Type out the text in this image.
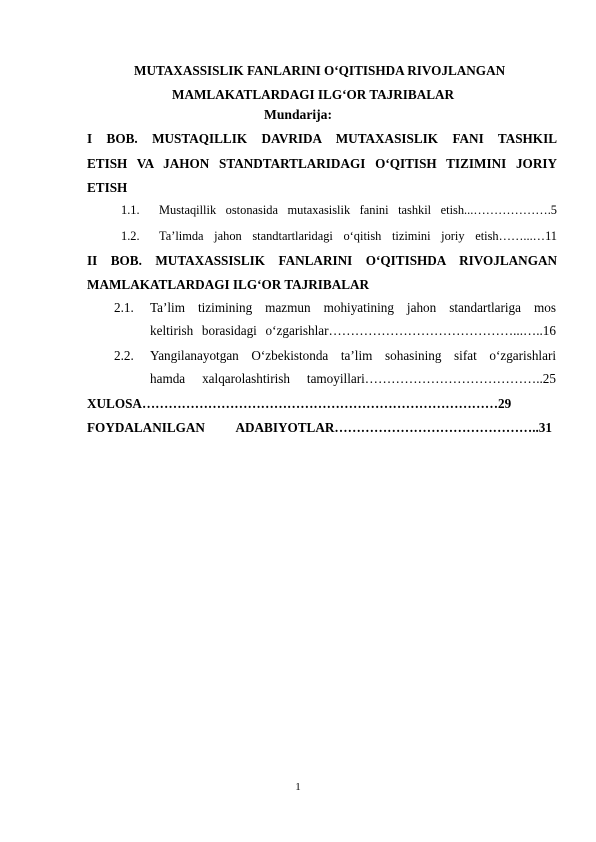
MUTAXASSISLIK FANLARINI O‘QITISHDA RIVOJLANGAN
MAMLAKATLARDAGI ILG‘OR TAJRIBALAR
Mundarija:
I BOB. MUSTAQILLIK DAVRIDA MUTAXASISLIK FANI TASHKIL
ETISH VA JAHON STANDTARTLARIDAGI O‘QITISH TIZIMINI JORIY
ETISH
1.1. Mustaqillik ostonasida mutaxasislik fanini tashkil etish...……………….5
1.2. Ta’limda jahon standtartlaridagi o‘qitish tizimini joriy etish……...…11
II BOB. MUTAXASSISLIK FANLARINI O‘QITISHDA RIVOJLANGAN
MAMLAKATLARDAGI ILG‘OR TAJRIBALAR
2.1. Ta’lim tizimining mazmun mohiyatining jahon standartlariga mos
keltirish borasidagi o‘zgarishlar……………………………………...…..16
2.2. Yangilanayotgan O‘zbekistonda ta’lim sohasining sifat o‘zgarishlari
hamda xalqarolashtirish tamoyillari…………………………………..25
XULOSA………………………………………………………………………29
FOYDALANILGAN ADABIYOTLAR………………………………………..31
1
